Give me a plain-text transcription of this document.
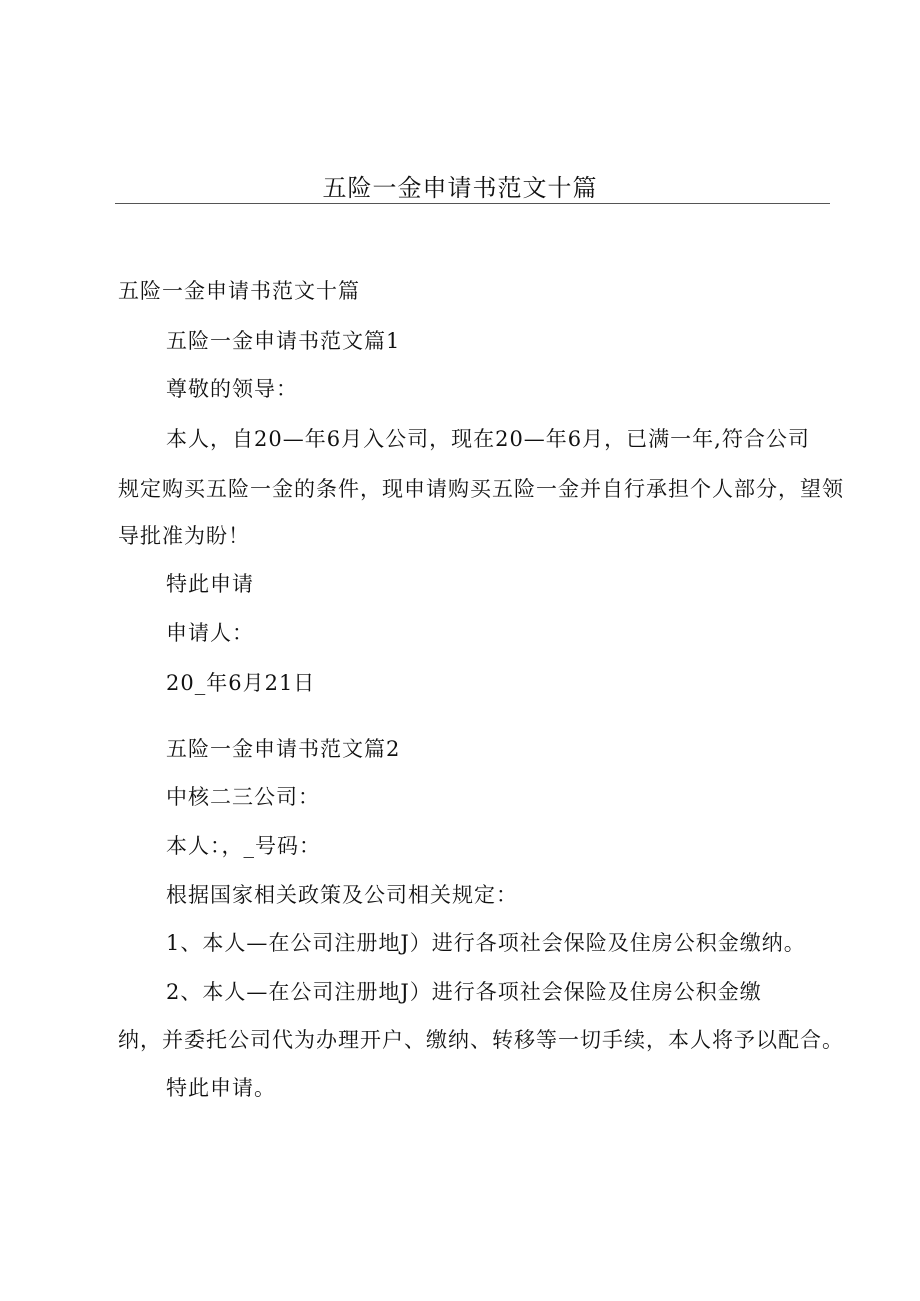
五险一金申请书范文十篇
五险一金申请书范文十篇
五险一金申请书范文篇1
尊敬的领导：
本人，自20—年6月入公司，现在20—年6月，已满一年,符合公司
规定购买五险一金的条件，现申请购买五险一金并自行承担个人部分，望领
导批准为盼！
特此申请
申请人：
20_年6月21日
五险一金申请书范文篇2
中核二三公司：
本人：，_号码：
根据国家相关政策及公司相关规定：
1、本人—在公司注册地J）进行各项社会保险及住房公积金缴纳。
2、本人—在公司注册地J）进行各项社会保险及住房公积金缴
纳，并委托公司代为办理开户、缴纳、转移等一切手续，本人将予以配合。
特此申请。
